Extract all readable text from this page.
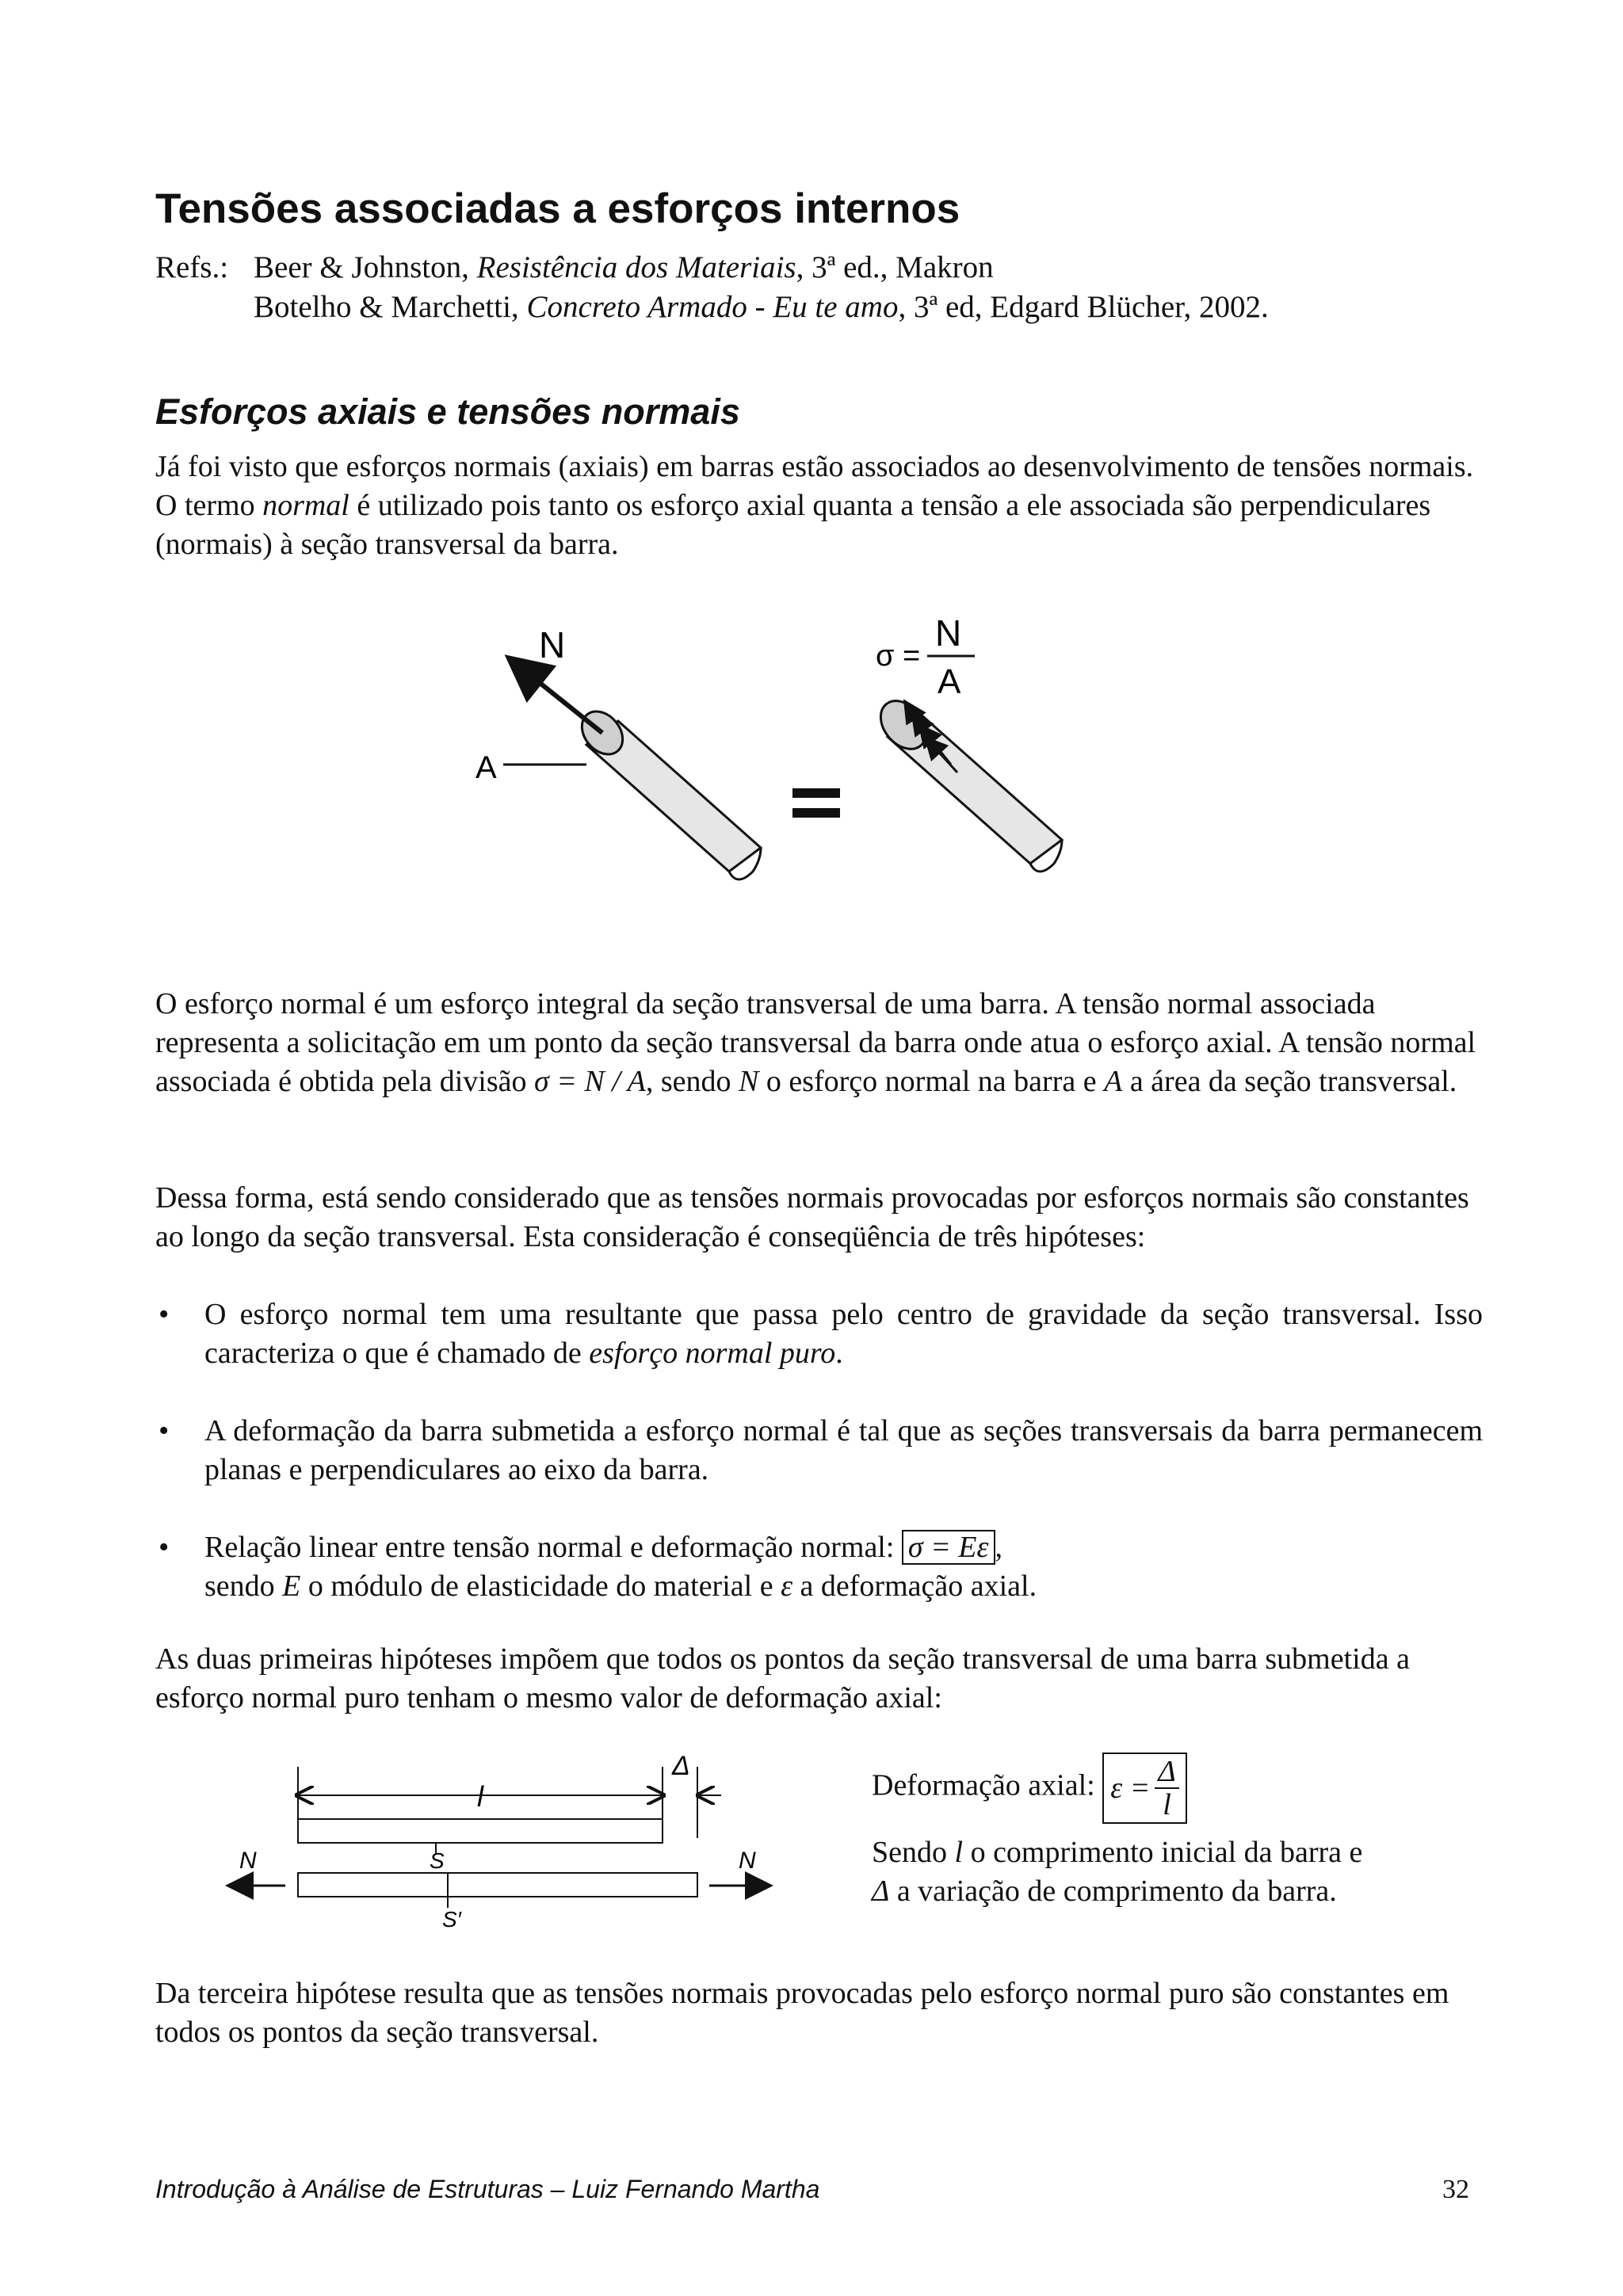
Tensões associadas a esforços internos
Refs.: Beer & Johnston, Resistência dos Materiais, 3ª ed., Makron
Botelho & Marchetti, Concreto Armado - Eu te amo, 3ª ed, Edgard Blücher, 2002.
Esforços axiais e tensões normais
Já foi visto que esforços normais (axiais) em barras estão associados ao desenvolvimento de tensões normais. O termo normal é utilizado pois tanto os esforço axial quanta a tensão a ele associada são perpendiculares (normais) à seção transversal da barra.
N
A
σ =
N
A
O esforço normal é um esforço integral da seção transversal de uma barra. A tensão normal associada representa a solicitação em um ponto da seção transversal da barra onde atua o esforço axial. A tensão normal associada é obtida pela divisão σ = N / A, sendo N o esforço normal na barra e A a área da seção transversal.
Dessa forma, está sendo considerado que as tensões normais provocadas por esforços normais são constantes ao longo da seção transversal. Esta consideração é conseqüência de três hipóteses:
• O esforço normal tem uma resultante que passa pelo centro de gravidade da seção transversal. Isso caracteriza o que é chamado de esforço normal puro.
• A deformação da barra submetida a esforço normal é tal que as seções transversais da barra permanecem planas e perpendiculares ao eixo da barra.
• Relação linear entre tensão normal e deformação normal: σ = Eε ,
sendo E o módulo de elasticidade do material e ε a deformação axial.
As duas primeiras hipóteses impõem que todos os pontos da seção transversal de uma barra submetida a esforço normal puro tenham o mesmo valor de deformação axial:
l
Δ
S
S′
N	N
Deformação axial: $\varepsilon = \frac{\Delta}{l}$
Sendo l o comprimento inicial da barra e
Δ a variação de comprimento da barra.
Da terceira hipótese resulta que as tensões normais provocadas pelo esforço normal puro são constantes em todos os pontos da seção transversal.
Introdução à Análise de Estruturas – Luiz Fernando Martha	32
